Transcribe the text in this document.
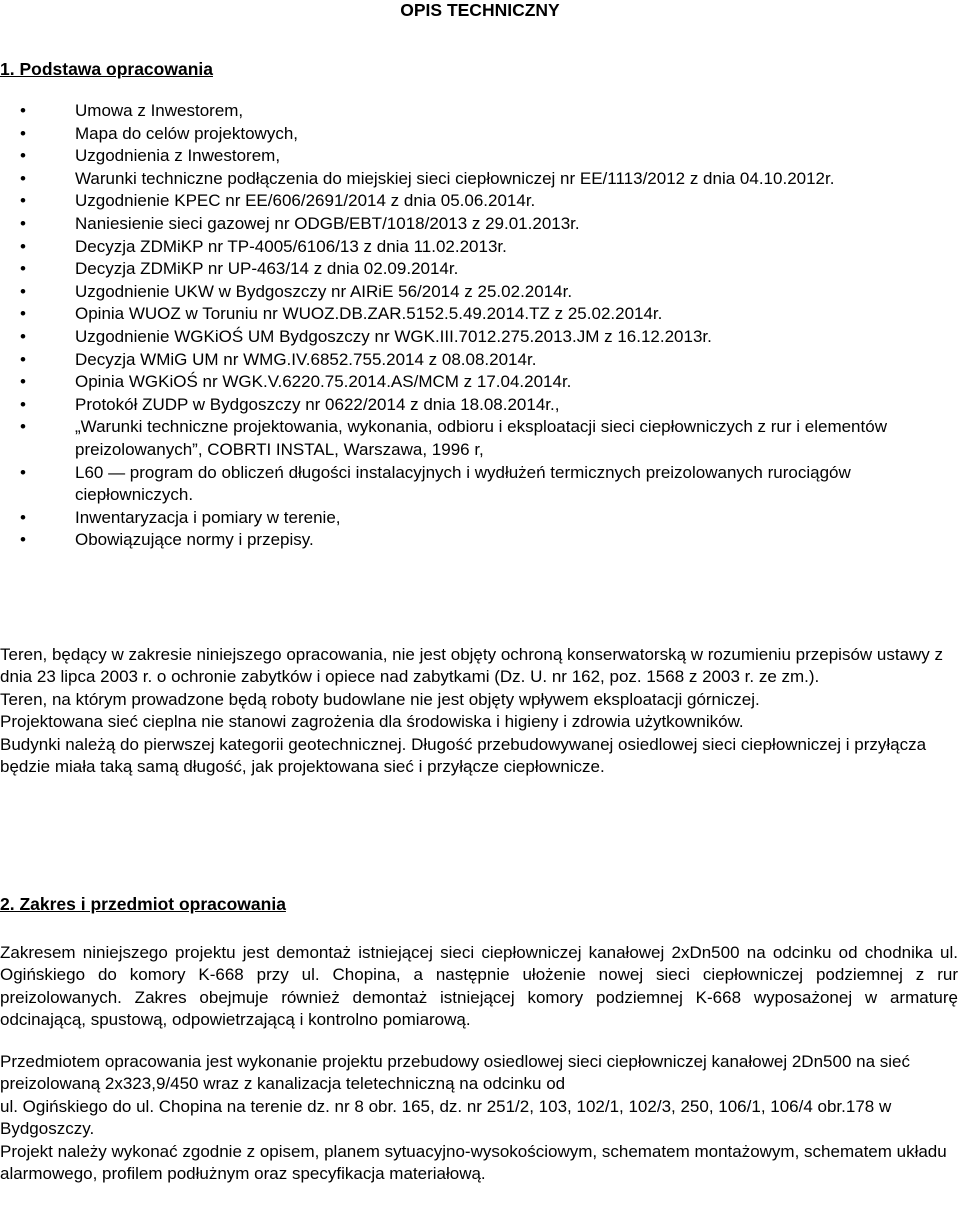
OPIS TECHNICZNY
1. Podstawa opracowania
• Umowa z Inwestorem,
• Mapa do celów projektowych,
• Uzgodnienia z Inwestorem,
• Warunki techniczne podłączenia do miejskiej sieci ciepłowniczej nr EE/1113/2012 z dnia 04.10.2012r.
• Uzgodnienie KPEC nr EE/606/2691/2014 z dnia 05.06.2014r.
• Naniesienie sieci gazowej nr ODGB/EBT/1018/2013 z 29.01.2013r.
• Decyzja ZDMiKP nr TP-4005/6106/13 z dnia 11.02.2013r.
• Decyzja ZDMiKP nr UP-463/14 z dnia 02.09.2014r.
• Uzgodnienie UKW w Bydgoszczy nr AIRiE 56/2014 z 25.02.2014r.
• Opinia WUOZ w Toruniu nr WUOZ.DB.ZAR.5152.5.49.2014.TZ z 25.02.2014r.
• Uzgodnienie WGKiOŚ UM Bydgoszczy nr WGK.III.7012.275.2013.JM z 16.12.2013r.
• Decyzja WMiG UM nr WMG.IV.6852.755.2014 z 08.08.2014r.
• Opinia WGKiOŚ nr WGK.V.6220.75.2014.AS/MCM z 17.04.2014r.
• Protokół ZUDP w Bydgoszczy nr 0622/2014 z dnia 18.08.2014r.,
• „Warunki techniczne projektowania, wykonania, odbioru i eksploatacji sieci ciepłowniczych z rur i elementów preizolowanych”, COBRTI INSTAL, Warszawa, 1996 r,
• L60 — program do obliczeń długości instalacyjnych i wydłużeń termicznych preizolowanych rurociągów ciepłowniczych.
• Inwentaryzacja i pomiary w terenie,
• Obowiązujące normy i przepisy.

Teren, będący w zakresie niniejszego opracowania, nie jest objęty ochroną konserwatorską w rozumieniu przepisów ustawy z dnia 23 lipca 2003 r. o ochronie zabytków i opiece nad zabytkami (Dz. U. nr 162, poz. 1568 z 2003 r. ze zm.).
Teren, na którym prowadzone będą roboty budowlane nie jest objęty wpływem eksploatacji górniczej.
Projektowana sieć cieplna nie stanowi zagrożenia dla środowiska i higieny i zdrowia użytkowników.
Budynki należą do pierwszej kategorii geotechnicznej. Długość przebudowywanej osiedlowej sieci ciepłowniczej i przyłącza będzie miała taką samą długość, jak projektowana sieć i przyłącze ciepłownicze.

2. Zakres i przedmiot opracowania

Zakresem niniejszego projektu jest demontaż istniejącej sieci ciepłowniczej kanałowej 2xDn500 na odcinku od chodnika ul. Ogińskiego do komory K-668 przy ul. Chopina, a następnie ułożenie nowej sieci ciepłowniczej podziemnej z rur preizolowanych. Zakres obejmuje również demontaż istniejącej komory podziemnej K-668 wyposażonej w armaturę odcinającą, spustową, odpowietrzającą i kontrolno pomiarową.

Przedmiotem opracowania jest wykonanie projektu przebudowy osiedlowej sieci ciepłowniczej kanałowej 2Dn500 na sieć preizolowaną 2x323,9/450 wraz z kanalizacja teletechniczną na odcinku od
ul. Ogińskiego do ul. Chopina na terenie dz. nr 8 obr. 165, dz. nr 251/2, 103, 102/1, 102/3, 250, 106/1, 106/4 obr.178 w Bydgoszczy.
Projekt należy wykonać zgodnie z opisem, planem sytuacyjno-wysokościowym, schematem montażowym, schematem układu alarmowego, profilem podłużnym oraz specyfikacja materiałową.
